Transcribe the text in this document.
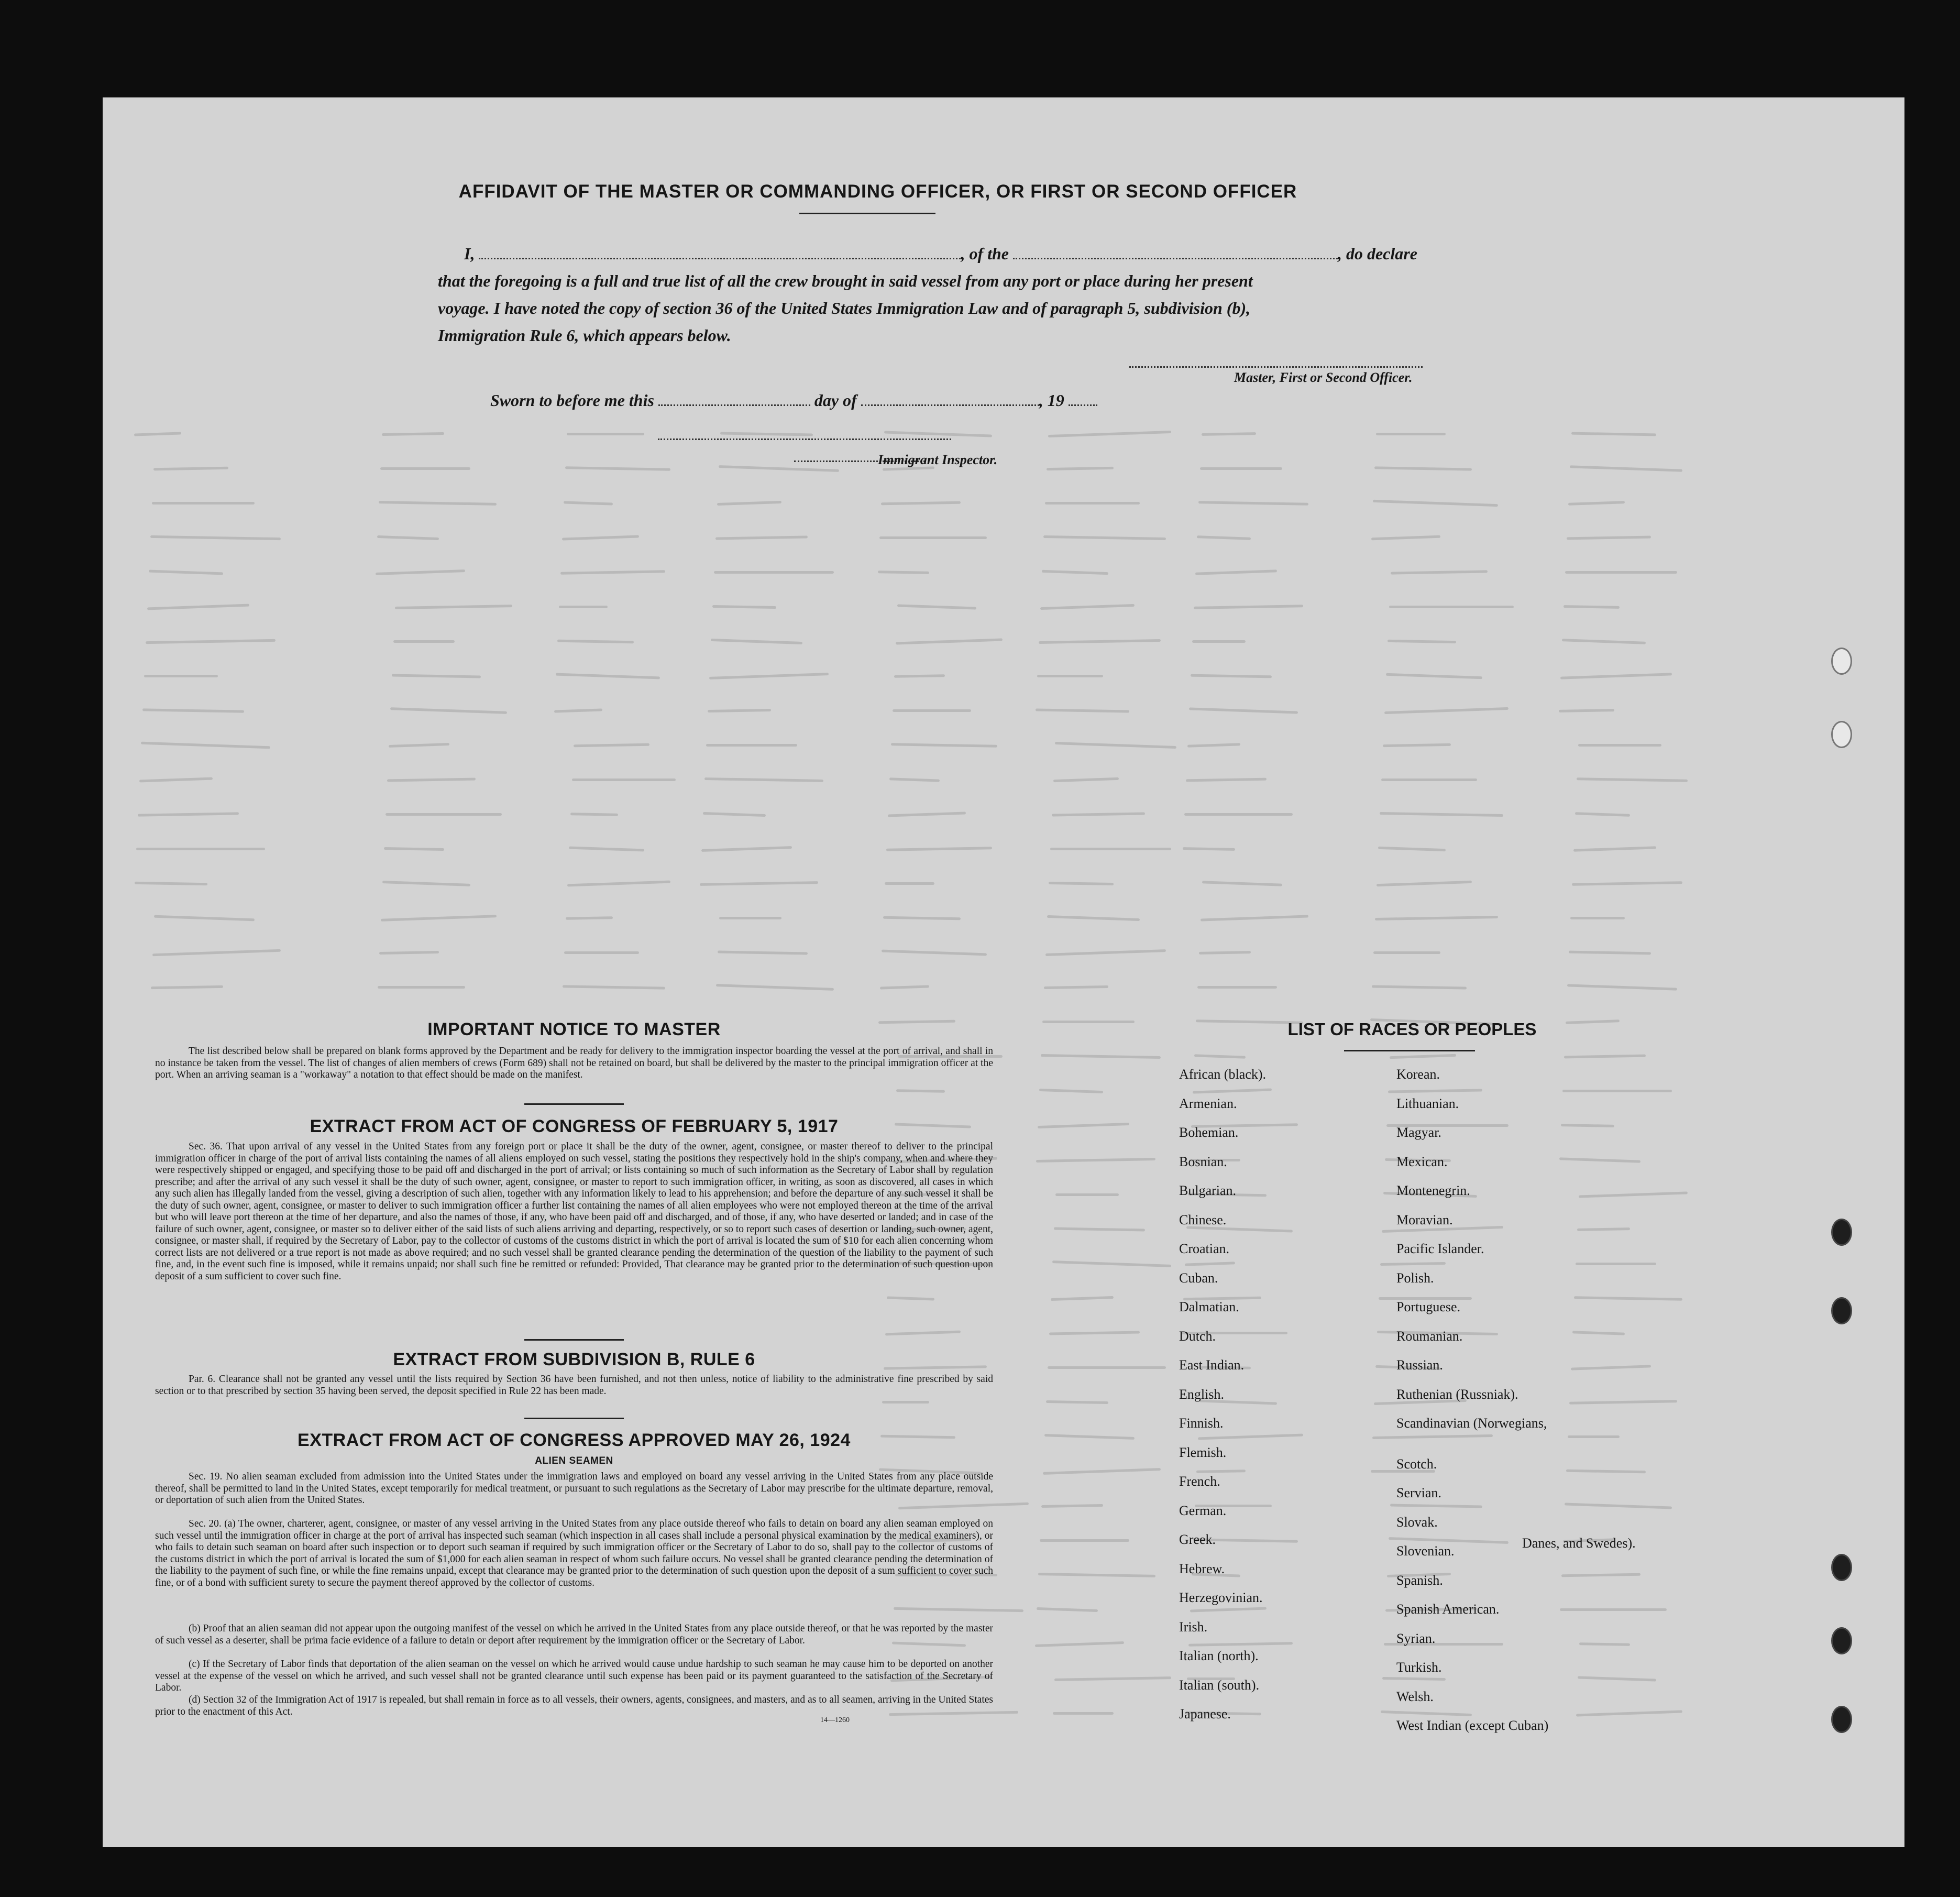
AFFIDAVIT OF THE MASTER OR COMMANDING OFFICER, OR FIRST OR SECOND OFFICER
I,	, of the	, do declare
that the foregoing is a full and true list of all the crew brought in said vessel from any port or place during her present
voyage. I have noted the copy of section 36 of the United States Immigration Law and of paragraph 5, subdivision (b),
Immigration Rule 6, which appears below.
Master, First or Second Officer.
Sworn to before me this	day of	, 19
Immigrant Inspector.
IMPORTANT NOTICE TO MASTER
The list described below shall be prepared on blank forms approved by the Department and be ready for delivery to the immigration inspector boarding the vessel at the port of arrival, and shall in no instance be taken from the vessel. The list of changes of alien members of crews (Form 689) shall not be retained on board, but shall be delivered by the master to the principal immigration officer at the port. When an arriving seaman is a "workaway" a notation to that effect should be made on the manifest.
EXTRACT FROM ACT OF CONGRESS OF FEBRUARY 5, 1917
Sec. 36. That upon arrival of any vessel in the United States from any foreign port or place it shall be the duty of the owner, agent, consignee, or master thereof to deliver to the principal immigration officer in charge of the port of arrival lists containing the names of all aliens employed on such vessel, stating the positions they respectively hold in the ship's company, when and where they were respectively shipped or engaged, and specifying those to be paid off and discharged in the port of arrival; or lists containing so much of such information as the Secretary of Labor shall by regulation prescribe; and after the arrival of any such vessel it shall be the duty of such owner, agent, consignee, or master to report to such immigration officer, in writing, as soon as discovered, all cases in which any such alien has illegally landed from the vessel, giving a description of such alien, together with any information likely to lead to his apprehension; and before the departure of any such vessel it shall be the duty of such owner, agent, consignee, or master to deliver to such immigration officer a further list containing the names of all alien employees who were not employed thereon at the time of the arrival but who will leave port thereon at the time of her departure, and also the names of those, if any, who have been paid off and discharged, and of those, if any, who have deserted or landed; and in case of the failure of such owner, agent, consignee, or master so to deliver either of the said lists of such aliens arriving and departing, respectively, or so to report such cases of desertion or landing, such owner, agent, consignee, or master shall, if required by the Secretary of Labor, pay to the collector of customs of the customs district in which the port of arrival is located the sum of $10 for each alien concerning whom correct lists are not delivered or a true report is not made as above required; and no such vessel shall be granted clearance pending the determination of the question of the liability to the payment of such fine, and, in the event such fine is imposed, while it remains unpaid; nor shall such fine be remitted or refunded: Provided, That clearance may be granted prior to the determination of such question upon deposit of a sum sufficient to cover such fine.
EXTRACT FROM SUBDIVISION B, RULE 6
Par. 6. Clearance shall not be granted any vessel until the lists required by Section 36 have been furnished, and not then unless, notice of liability to the administrative fine prescribed by said section or to that prescribed by section 35 having been served, the deposit specified in Rule 22 has been made.
EXTRACT FROM ACT OF CONGRESS APPROVED MAY 26, 1924
ALIEN SEAMEN
Sec. 19. No alien seaman excluded from admission into the United States under the immigration laws and employed on board any vessel arriving in the United States from any place outside thereof, shall be permitted to land in the United States, except temporarily for medical treatment, or pursuant to such regulations as the Secretary of Labor may prescribe for the ultimate departure, removal, or deportation of such alien from the United States.
Sec. 20. (a) The owner, charterer, agent, consignee, or master of any vessel arriving in the United States from any place outside thereof who fails to detain on board any alien seaman employed on such vessel until the immigration officer in charge at the port of arrival has inspected such seaman (which inspection in all cases shall include a personal physical examination by the medical examiners), or who fails to detain such seaman on board after such inspection or to deport such seaman if required by such immigration officer or the Secretary of Labor to do so, shall pay to the collector of customs of the customs district in which the port of arrival is located the sum of $1,000 for each alien seaman in respect of whom such failure occurs. No vessel shall be granted clearance pending the determination of the liability to the payment of such fine, or while the fine remains unpaid, except that clearance may be granted prior to the determination of such question upon the deposit of a sum sufficient to cover such fine, or of a bond with sufficient surety to secure the payment thereof approved by the collector of customs.
(b) Proof that an alien seaman did not appear upon the outgoing manifest of the vessel on which he arrived in the United States from any place outside thereof, or that he was reported by the master of such vessel as a deserter, shall be prima facie evidence of a failure to detain or deport after requirement by the immigration officer or the Secretary of Labor.
(c) If the Secretary of Labor finds that deportation of the alien seaman on the vessel on which he arrived would cause undue hardship to such seaman he may cause him to be deported on another vessel at the expense of the vessel on which he arrived, and such vessel shall not be granted clearance until such expense has been paid or its payment guaranteed to the satisfaction of the Secretary of Labor.
(d) Section 32 of the Immigration Act of 1917 is repealed, but shall remain in force as to all vessels, their owners, agents, consignees, and masters, and as to all seamen, arriving in the United States prior to the enactment of this Act.
14—1260
LIST OF RACES OR PEOPLES
Danes, and Swedes).
African (black).
Armenian.
Bohemian.
Bosnian.
Bulgarian.
Chinese.
Croatian.
Cuban.
Dalmatian.
Dutch.
East Indian.
English.
Finnish.
Flemish.
French.
German.
Greek.
Hebrew.
Herzegovinian.
Irish.
Italian (north).
Italian (south).
Japanese.
Korean.
Lithuanian.
Magyar.
Mexican.
Montenegrin.
Moravian.
Pacific Islander.
Polish.
Portuguese.
Roumanian.
Russian.
Ruthenian (Russniak).
Scandinavian (Norwegians,
Scotch.
Servian.
Slovak.
Slovenian.
Spanish.
Spanish American.
Syrian.
Turkish.
Welsh.
West Indian (except Cuban)
